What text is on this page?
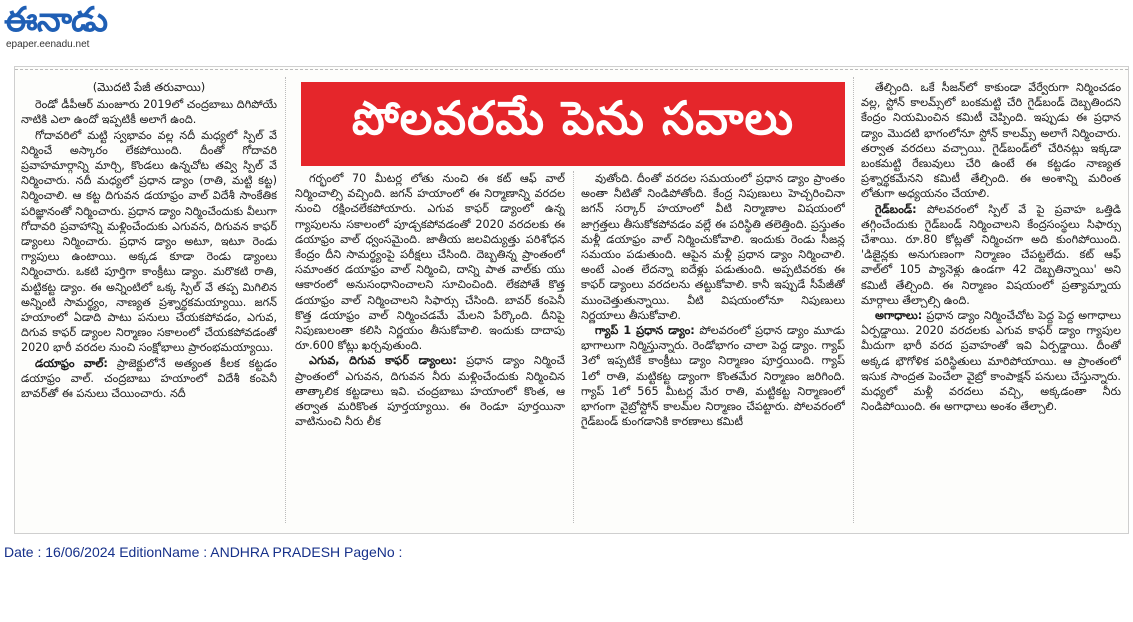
ఈనాడు
epaper.eenadu.net
(మొదటి పేజీ తరువాయి)

రెండో డీపీఆర్ మంజూరు 2019లో చంద్రబాబు దిగిపోయే నాటికి ఎలా ఉందో ఇప్పటికీ అలాగే ఉంది.

గోదావరిలో మట్టి స్వభావం వల్ల నదీ మధ్యలో స్పిల్‌ వే నిర్మించే అస్కారం లేకపోయింది. దీంతో గోదావరి ప్రవాహమార్గాన్ని మార్చి, కొండలు ఉన్నచోట తవ్వి స్పిల్‌ వే నిర్మించారు. నదీ మధ్యలో ప్రధాన డ్యాం (రాతి, మట్టి కట్ట) నిర్మించాలి. ఆ కట్ట దిగువన డయాఫ్రం వాల్‌ విదేశీ సాంకేతిక పరిజ్ఞానంతో నిర్మించారు. ప్రధాన డ్యాం నిర్మించేందుకు వీలుగా గోదావరి ప్రవాహాన్ని మళ్లించేందుకు ఎగువన, దిగువన కాఫర్‌ డ్యాంలు నిర్మించారు. ప్రధాన డ్యాం అటూ, ఇటూ రెండు గ్యాపులు ఉంటాయి. అక్కడ కూడా రెండు డ్యాంలు నిర్మించారు. ఒకటి పూర్తిగా కాంక్రీటు డ్యాం. మరొకటి రాతి, మట్టికట్ట డ్యాం. ఈ అన్నింటిలో ఒక్క స్పిల్‌ వే తప్ప మిగిలిన అన్నింటి సామర్థ్యం, నాణ్యత ప్రశ్నార్థకమయ్యాయి. జగన్‌ హయాంలో ఏడాది పాటు పనులు చేయకపోవడం, ఎగువ, దిగువ కాఫర్‌ డ్యాంల నిర్మాణం సకాలంలో చేయకపోవడంతో 2020 భారీ వరదల నుంచి సంక్షోభాలు ప్రారంభమయ్యాయి.

డయాఫ్రం వాల్‌: ప్రాజెక్టులోనే అత్యంత కీలక కట్టడం డయాఫ్రం వాల్‌. చంద్రబాబు హయాంలో విదేశీ కంపెనీ బావర్‌తో ఈ పనులు చేయించారు. నదీ

పోలవరమే పెను సవాలు

గర్భంలో 70 మీటర్ల లోతు నుంచి ఈ కట్‌ ఆఫ్‌ వాల్‌ నిర్మించాల్సి వచ్చింది. జగన్‌ హయాంలో ఈ నిర్మాణాన్ని వరదల నుంచి రక్షించలేకపోయారు. ఎగువ కాఫర్‌ డ్యాంలో ఉన్న గ్యాపులను సకాలంలో పూడ్చకపోవడంతో 2020 వరదలకు ఈ డయాఫ్రం వాల్‌ ధ్వంసమైంది. జాతీయ జలవిద్యుత్తు పరిశోధన కేంద్రం దీని సామర్థ్యంపై పరీక్షలు చేసింది. దెబ్బతిన్న ప్రాంతంలో సమాంతర డయాఫ్రం వాల్‌ నిర్మించి, దాన్ని పాత వాల్‌కు యు ఆకారంలో అనుసంధానించాలని సూచించింది. లేకపోతే కొత్త డయాఫ్రం వాల్‌ నిర్మించాలని సిఫార్సు చేసింది. బావర్‌ కంపెనీ కొత్త డయాఫ్రం వాల్‌ నిర్మించడమే మేలని పేర్కొంది. దీనిపై నిపుణులంతా కలిసి నిర్ణయం తీసుకోవాలి. ఇందుకు దాదాపు రూ.600 కోట్లు ఖర్చవుతుంది.

ఎగువ, దిగువ కాఫర్‌ డ్యాంలు: ప్రధాన డ్యాం నిర్మించే ప్రాంతంలో ఎగువన, దిగువన నీరు మళ్లించేందుకు నిర్మించిన తాత్కాలిక కట్టడాలు ఇవి. చంద్రబాబు హయాంలో కొంత, ఆ తర్వాత మరికొంత పూర్తయ్యాయి. ఈ రెండూ పూర్తయినా వాటినుంచి నీరు లీక

వుతోంది. దీంతో వరదల సమయంలో ప్రధాన డ్యాం ప్రాంతం అంతా నీటితో నిండిపోతోంది. కేంద్ర నిపుణులు హెచ్చరించినా జగన్‌ సర్కార్‌ హయాంలో వీటి నిర్మాణాల విషయంలో జాగ్రత్తలు తీసుకోకపోవడం వల్లే ఈ పరిస్థితి తలెత్తింది. ప్రస్తుతం మళ్లీ డయాఫ్రం వాల్‌ నిర్మించుకోవాలి. ఇందుకు రెండు సీజన్ల సమయం పడుతుంది. ఆపైన మళ్లీ ప్రధాన డ్యాం నిర్మించాలి. అంటే ఎంత లేదన్నా ఐదేళ్లు పడుతుంది. అప్పటివరకు ఈ కాఫర్‌ డ్యాంలు వరదలను తట్టుకోవాలి. కానీ ఇప్పుడే సీపేజీతో ముంచెత్తుతున్నాయి. వీటి విషయంలోనూ నిపుణులు నిర్ణయాలు తీసుకోవాలి.

గ్యాప్‌ 1 ప్రధాన డ్యాం: పోలవరంలో ప్రధాన డ్యాం మూడు భాగాలుగా నిర్మిస్తున్నారు. రెండోభాగం చాలా పెద్ద డ్యాం. గ్యాప్‌ 3లో ఇప్పటికే కాంక్రీటు డ్యాం నిర్మాణం పూర్తయింది. గ్యాప్‌ 1లో రాతి, మట్టికట్ట డ్యాంగా కొంతమేర నిర్మాణం జరిగింది. గ్యాప్‌ 1లో 565 మీటర్ల మేర రాతి, మట్టికట్ట నిర్మాణంలో భాగంగా వైబ్రోస్టోన్‌ కాలమ్‌ల నిర్మాణం చేపట్టారు. పోలవరంలో గైడ్‌బండ్‌ కుంగడానికి కారణాలు కమిటీ

తేల్చింది. ఒకే సీజన్‌లో కాకుండా వేర్వేరుగా నిర్మించడం వల్ల, స్టోన్‌ కాలమ్స్‌లో బంకమట్టి చేరి గైడ్‌బండ్‌ దెబ్బతిందని కేంద్రం నియమించిన కమిటీ చెప్పింది. ఇప్పుడు ఈ ప్రధాన డ్యాం మొదటి భాగంలోనూ స్టోన్‌ కాలమ్స్‌ అలాగే నిర్మించారు. తర్వాత వరదలు వచ్చాయి. గైడ్‌బండ్‌లో చేరినట్లు ఇక్కడా బంకమట్టి రేణువులు చేరి ఉంటే ఈ కట్టడం నాణ్యత ప్రశ్నార్థకమేనని కమిటీ తేల్చింది. ఈ అంశాన్ని మరింత లోతుగా అధ్యయనం చేయాలి.

గైడ్‌బండ్‌: పోలవరంలో స్పిల్‌ వే పై ప్రవాహ ఒత్తిడి తగ్గించేందుకు గైడ్‌బండ్‌ నిర్మించాలని కేంద్రసంస్థలు సిఫార్సు చేశాయి. రూ.80 కోట్లతో నిర్మించగా అది కుంగిపోయింది. 'డిజైన్లకు అనుగుణంగా నిర్మాణం చేపట్టలేదు. కట్‌ ఆఫ్‌ వాల్‌లో 105 ప్యానెళ్లు ఉండగా 42 దెబ్బతిన్నాయి' అని కమిటీ తేల్చింది. ఈ నిర్మాణం విషయంలో ప్రత్యామ్నాయ మార్గాలు తేల్చాల్సి ఉంది.

అగాధాలు: ప్రధాన డ్యాం నిర్మించేచోట పెద్ద పెద్ద అగాధాలు ఏర్పడ్డాయి. 2020 వరదలకు ఎగువ కాఫర్‌ డ్యాం గ్యాపుల మీదుగా భారీ వరద ప్రవాహంతో ఇవి ఏర్పడ్డాయి. దీంతో అక్కడ భౌగోళిక పరిస్థితులు మారిపోయాయి. ఆ ప్రాంతంలో ఇసుక సాంద్రత పెంచేలా వైబ్రో కాంపాక్షన్‌ పనులు చేస్తున్నారు. మధ్యలో మళ్లీ వరదలు వచ్చి, అక్కడంతా నీరు నిండిపోయింది. ఈ అగాధాలు అంశం తేల్చాలి.

Date : 16/06/2024 EditionName : ANDHRA PRADESH PageNo :
